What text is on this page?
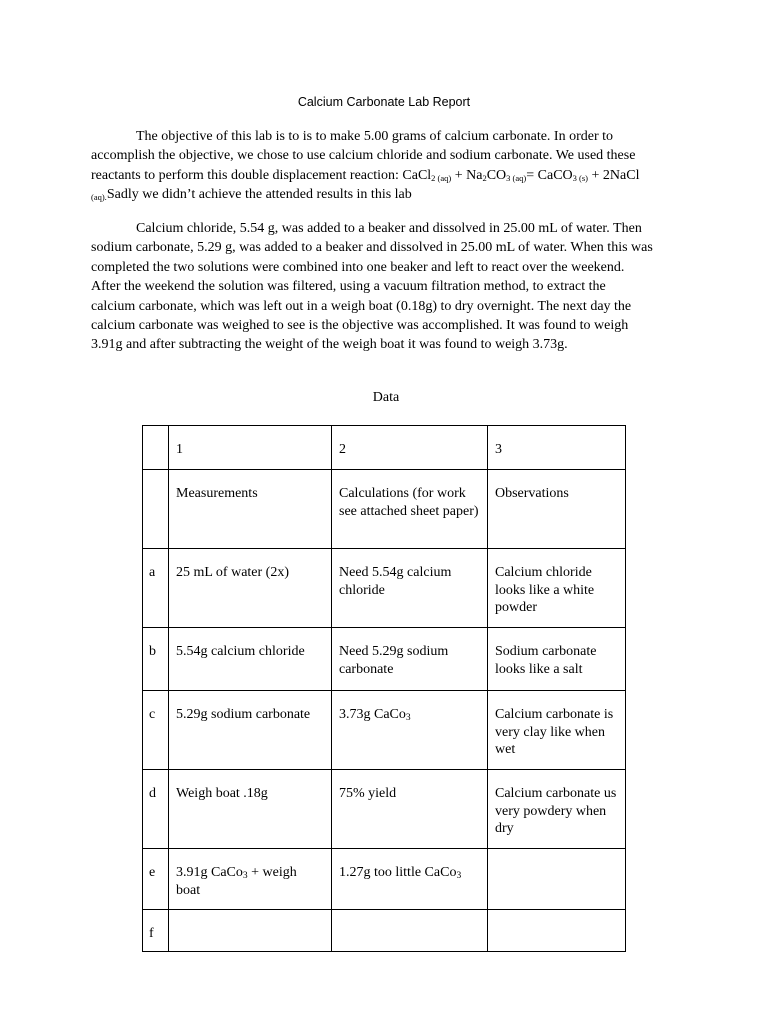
Calcium Carbonate Lab Report

The objective of this lab is to is to make 5.00 grams of calcium carbonate. In order to accomplish the objective, we chose to use calcium chloride and sodium carbonate. We used these reactants to perform this double displacement reaction: CaCl$_{2 (aq)}$ + $Na_2CO_{3 (aq)}=$ CaCO$_{3 (s)}$ + 2NaCl $_{(aq).}$Sadly we didn’t achieve the attended results in this lab

Calcium chloride, 5.54 g, was added to a beaker and dissolved in 25.00 mL of water. Then sodium carbonate, 5.29 g, was added to a beaker and dissolved in 25.00 mL of water. When this was completed the two solutions were combined into one beaker and left to react over the weekend. After the weekend the solution was filtered, using a vacuum filtration method, to extract the calcium carbonate, which was left out in a weigh boat (0.18g) to dry overnight. The next day the calcium carbonate was weighed to see is the objective was accomplished. It was found to weigh 3.91g and after subtracting the weight of the weigh boat it was found to weigh 3.73g.

Data

	1	2	3

	Measurements	Calculations (for work see attached sheet paper)	Observations

a	25 mL of water (2x)	Need 5.54g calcium chloride	Calcium chloride looks like a white powder

b	5.54g calcium chloride	Need 5.29g sodium carbonate	Sodium carbonate looks like a salt

c	5.29g sodium carbonate	3.73g CaCo$_3$	Calcium carbonate is very clay like when wet

d	Weigh boat .18g	75% yield	Calcium carbonate us very powdery when dry

e	3.91g CaCo$_3$ + weigh boat	1.27g too little CaCo$_3$

f			
